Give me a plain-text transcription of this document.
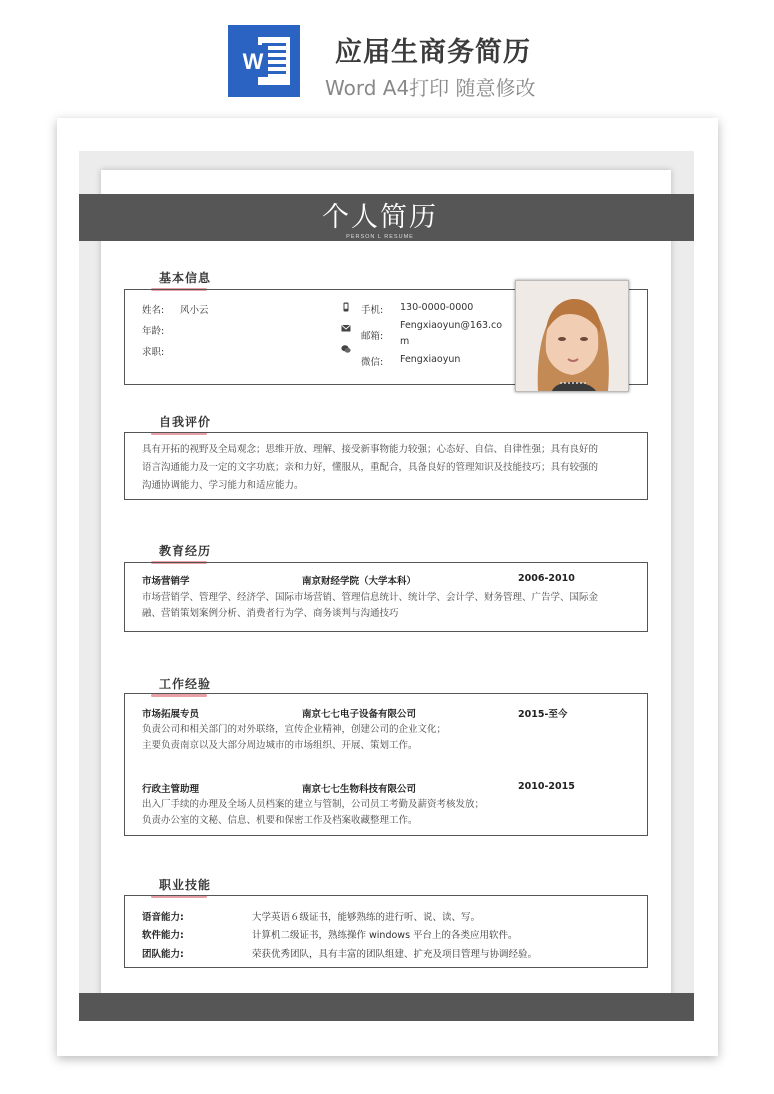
W	应届生商务简历
Word A4打印 随意修改
个人简历
PERSON L RESUME
基本信息
姓名: 风小云
年龄:
求职:
手机: 130-0000-0000
邮箱:
Fengxiaoyun@163.co
m
微信: Fengxiaoyun
自我评价
具有开拓的视野及全局观念；思维开放、理解、接受新事物能力较强；心态好、自信、自律性强；具有良好的
语言沟通能力及一定的文字功底；亲和力好，懂服从，重配合，具备良好的管理知识及技能技巧；具有较强的
沟通协调能力、学习能力和适应能力。
教育经历
市场营销学	南京财经学院（大学本科）	2006-2010
市场营销学、管理学、经济学、国际市场营销、管理信息统计、统计学、会计学、财务管理、广告学、国际金
融、营销策划案例分析、消费者行为学、商务谈判与沟通技巧
工作经验
市场拓展专员	南京七七电子设备有限公司	2015-至今
负责公司和相关部门的对外联络，宣传企业精神，创建公司的企业文化；
主要负责南京以及大部分周边城市的市场组织、开展、策划工作。
行政主管助理	南京七七生物科技有限公司	2010-2015
出入厂手续的办理及全场人员档案的建立与管制，公司员工考勤及薪资考核发放；
负责办公室的文秘、信息、机要和保密工作及档案收藏整理工作。
职业技能
语音能力:	大学英语６级证书，能够熟练的进行听、说、读、写。
软件能力:	计算机二级证书，熟练操作 windows 平台上的各类应用软件。
团队能力:	荣获优秀团队，具有丰富的团队组建、扩充及项目管理与协调经验。
